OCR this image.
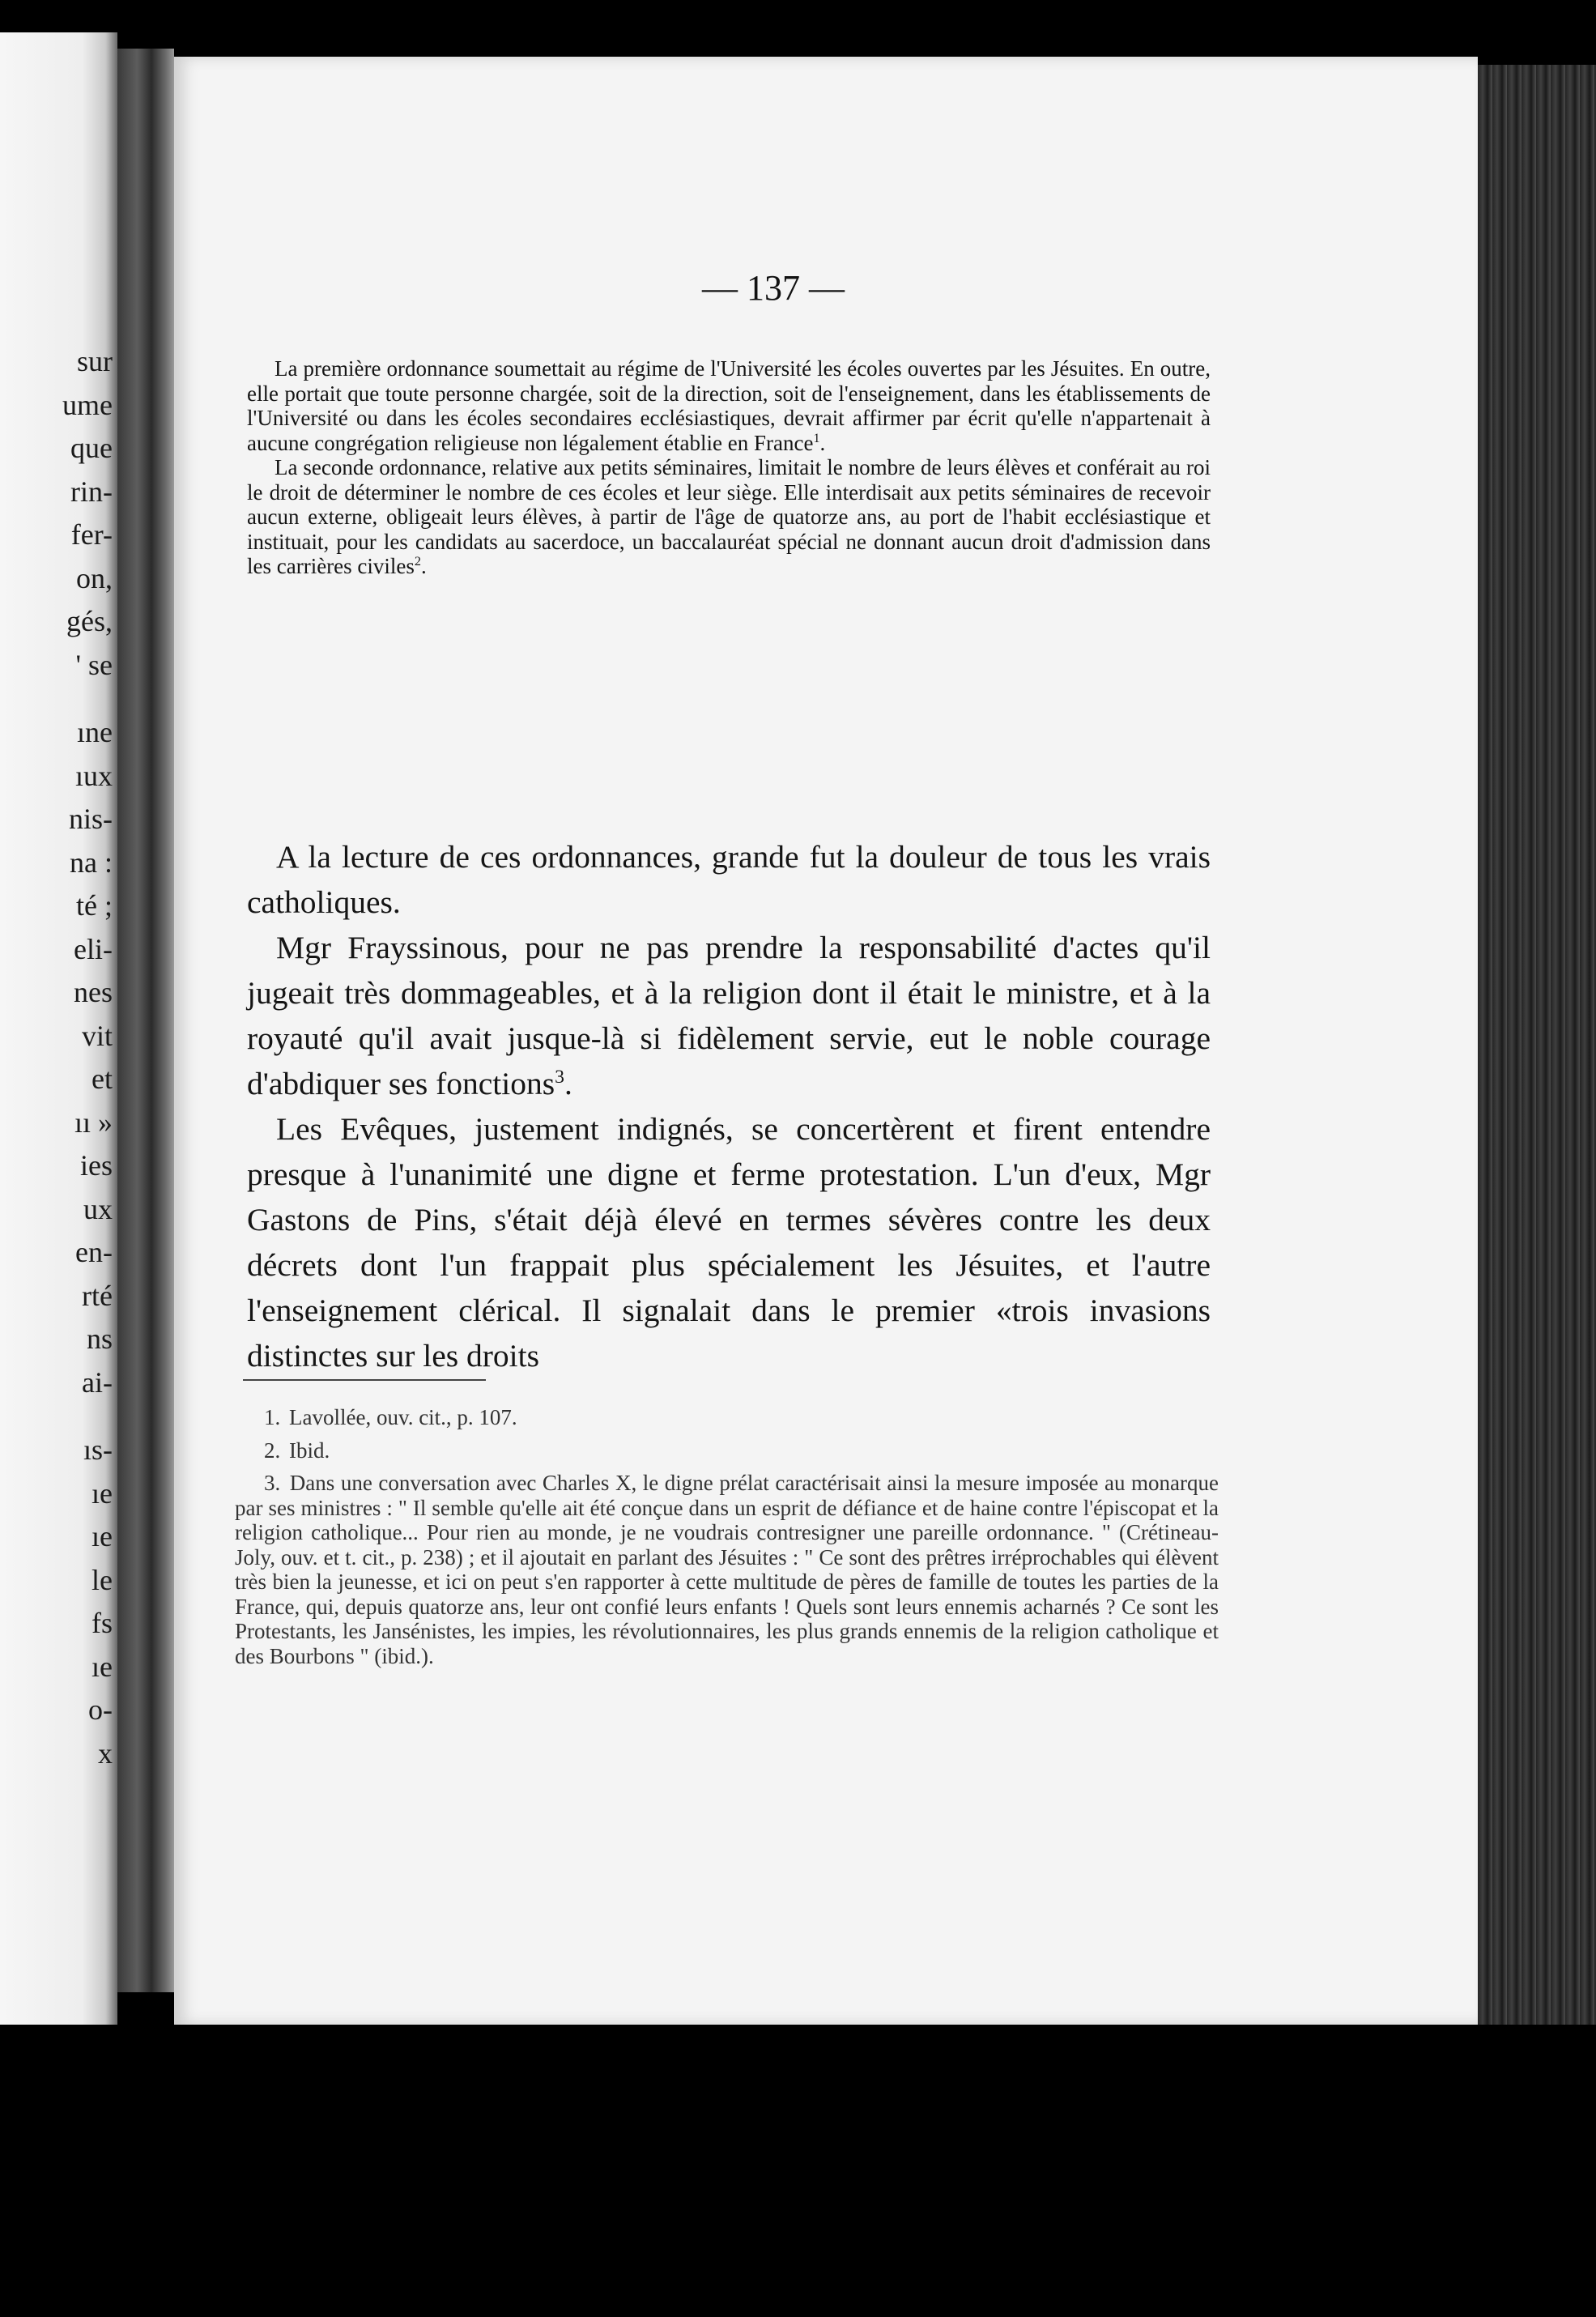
sur
ume
que
rin-
fer-
on,
gés,
' se
ıne
ıux
nis-
na :
té ;
eli-
nes
vit
et
ıı »
ies
ux
en-
rté
ns
ai-
ıs-
ıe
ıe
le
fs
ıe
o-
x
— 137 —

La première ordonnance soumettait au régime de l'Université les écoles ouvertes par les Jésuites. En outre, elle portait que toute personne chargée, soit de la direction, soit de l'enseignement, dans les établissements de l'Université ou dans les écoles secondaires ecclésiastiques, devrait affirmer par écrit qu'elle n'appartenait à aucune congrégation religieuse non légalement établie en France$^1$.

La seconde ordonnance, relative aux petits séminaires, limitait le nombre de leurs élèves et conférait au roi le droit de déterminer le nombre de ces écoles et leur siège. Elle interdisait aux petits séminaires de recevoir aucun externe, obligeait leurs élèves, à partir de l'âge de quatorze ans, au port de l'habit ecclésiastique et instituait, pour les candidats au sacerdoce, un baccalauréat spécial ne donnant aucun droit d'admission dans les carrières civiles$^2$.

A la lecture de ces ordonnances, grande fut la douleur de tous les vrais catholiques.

Mgr Frayssinous, pour ne pas prendre la responsabilité d'actes qu'il jugeait très dommageables, et à la religion dont il était le ministre, et à la royauté qu'il avait jusque-là si fidèlement servie, eut le noble courage d'abdiquer ses fonctions$^3$.

Les Evêques, justement indignés, se concertèrent et firent entendre presque à l'unanimité une digne et ferme protestation. L'un d'eux, Mgr Gastons de Pins, s'était déjà élevé en termes sévères contre les deux décrets dont l'un frappait plus spécialement les Jésuites, et l'autre l'enseignement clérical. Il signalait dans le premier «trois invasions distinctes sur les droits

1. Lavollée, ouv. cit., p. 107.

2. Ibid.

3. Dans une conversation avec Charles X, le digne prélat caractérisait ainsi la mesure imposée au monarque par ses ministres : " Il semble qu'elle ait été conçue dans un esprit de défiance et de haine contre l'épiscopat et la religion catholique... Pour rien au monde, je ne voudrais contresigner une pareille ordonnance. " (Crétineau-Joly, ouv. et t. cit., p. 238) ; et il ajoutait en parlant des Jésuites : " Ce sont des prêtres irréprochables qui élèvent très bien la jeunesse, et ici on peut s'en rapporter à cette multitude de pères de famille de toutes les parties de la France, qui, depuis quatorze ans, leur ont confié leurs enfants ! Quels sont leurs ennemis acharnés ? Ce sont les Protestants, les Jansénistes, les impies, les révolutionnaires, les plus grands ennemis de la religion catholique et des Bourbons " (ibid.).
